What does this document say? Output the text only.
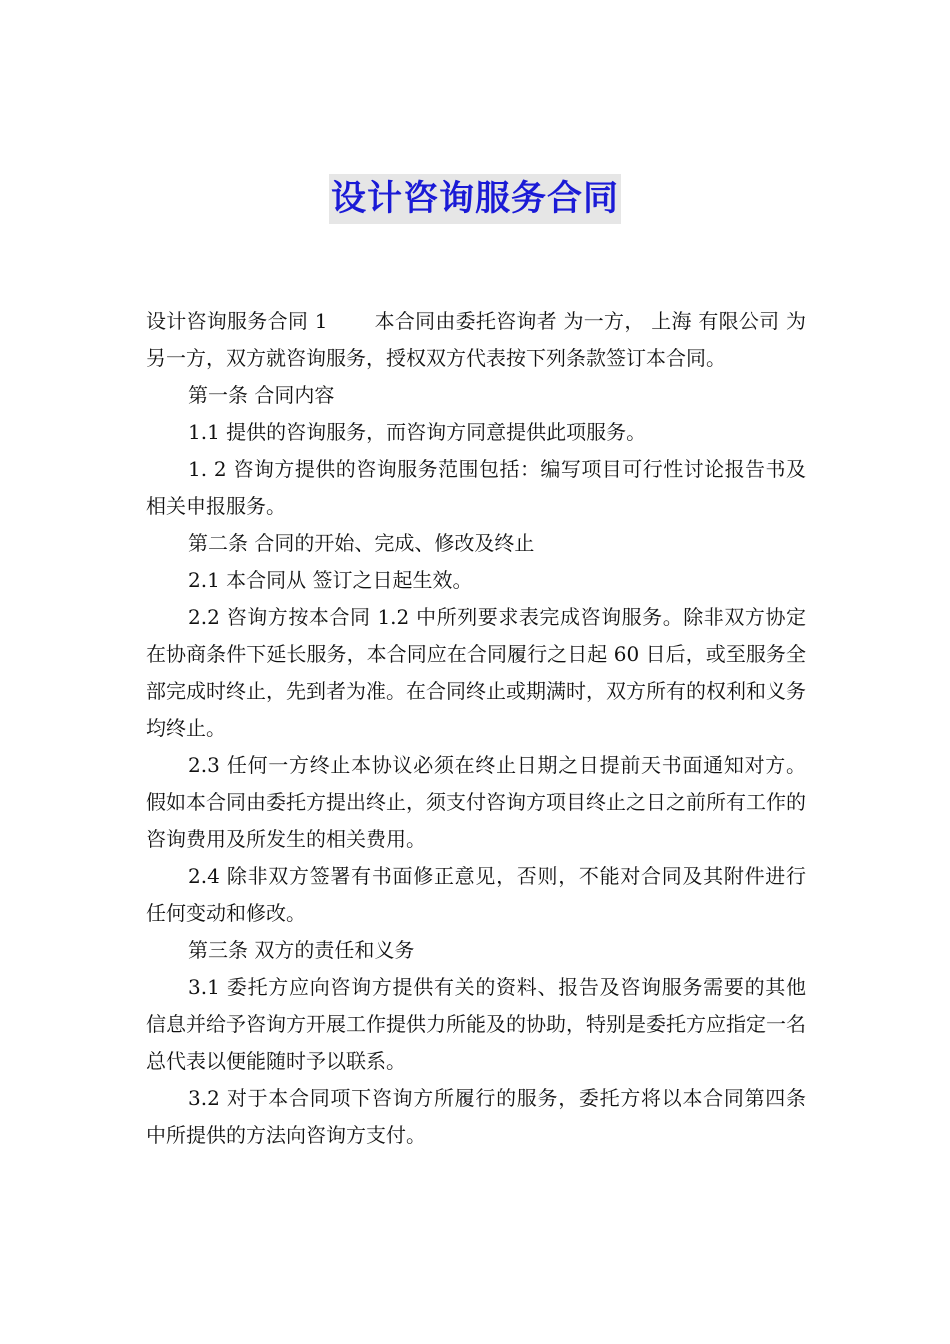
设计咨询服务合同

设计咨询服务合同 1 　　本合同由委托咨询者 为一方， 上海 有限公司 为另一方，双方就咨询服务，授权双方代表按下列条款签订本合同。

第一条 合同内容

1.1 提供的咨询服务，而咨询方同意提供此项服务。

1. 2 咨询方提供的咨询服务范围包括：编写项目可行性讨论报告书及相关申报服务。

第二条 合同的开始、完成、修改及终止

2.1 本合同从 签订之日起生效。

2.2 咨询方按本合同 1.2 中所列要求表完成咨询服务。除非双方协定在协商条件下延长服务，本合同应在合同履行之日起 60 日后，或至服务全部完成时终止，先到者为准。在合同终止或期满时，双方所有的权利和义务均终止。

2.3 任何一方终止本协议必须在终止日期之日提前天书面通知对方。假如本合同由委托方提出终止，须支付咨询方项目终止之日之前所有工作的咨询费用及所发生的相关费用。

2.4 除非双方签署有书面修正意见，否则，不能对合同及其附件进行任何变动和修改。

第三条 双方的责任和义务

3.1 委托方应向咨询方提供有关的资料、报告及咨询服务需要的其他信息并给予咨询方开展工作提供力所能及的协助，特别是委托方应指定一名总代表以便能随时予以联系。

3.2 对于本合同项下咨询方所履行的服务，委托方将以本合同第四条中所提供的方法向咨询方支付。
